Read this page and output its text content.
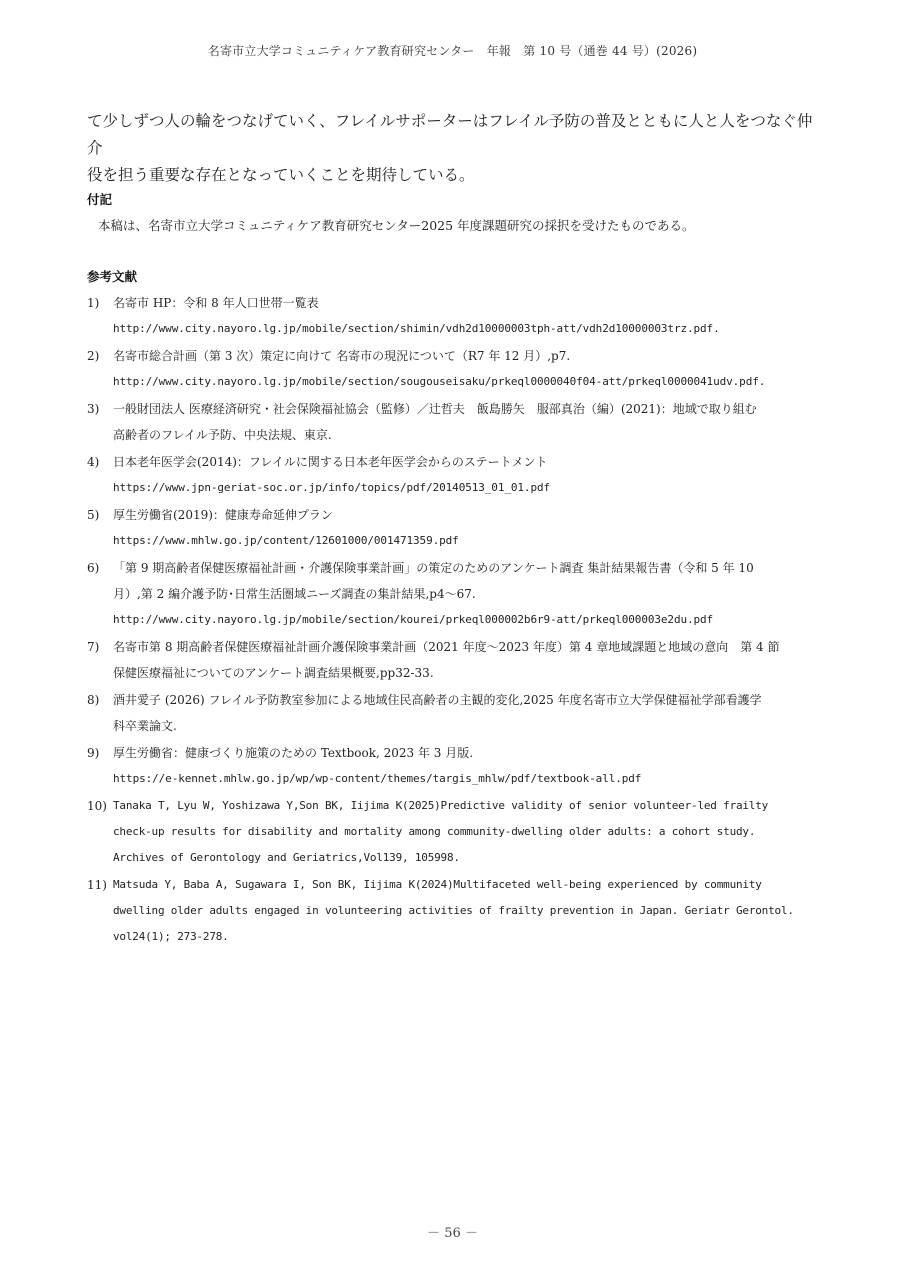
名寄市立大学コミュニティケア教育研究センター　年報　第 10 号（通巻 44 号）(2026)
て少しずつ人の輪をつなげていく、フレイルサポーターはフレイル予防の普及とともに人と人をつなぐ仲介
役を担う重要な存在となっていくことを期待している。
付記
本稿は、名寄市立大学コミュニティケア教育研究センター2025 年度課題研究の採択を受けたものである。
参考文献
1)	名寄市 HP：令和 8 年人口世帯一覧表
http://www.city.nayoro.lg.jp/mobile/section/shimin/vdh2d10000003tph-att/vdh2d10000003trz.pdf.
2)	名寄市総合計画（第 3 次）策定に向けて 名寄市の現況について（R7 年 12 月）,p7.
http://www.city.nayoro.lg.jp/mobile/section/sougouseisaku/prkeql0000040f04-att/prkeql0000041udv.pdf.
3)	一般財団法人 医療経済研究・社会保険福祉協会（監修）／辻哲夫　飯島勝矢　服部真治（編）(2021)：地域で取り組む
高齢者のフレイル予防、中央法規、東京.
4)	日本老年医学会(2014)：フレイルに関する日本老年医学会からのステートメント
https://www.jpn-geriat-soc.or.jp/info/topics/pdf/20140513_01_01.pdf
5)	厚生労働省(2019)：健康寿命延伸プラン
https://www.mhlw.go.jp/content/12601000/001471359.pdf
6)	「第 9 期高齢者保健医療福祉計画・介護保険事業計画」の策定のためのアンケート調査 集計結果報告書（令和 5 年 10
月）,第 2 編介護予防･日常生活圏域ニーズ調査の集計結果,p4～67.
http://www.city.nayoro.lg.jp/mobile/section/kourei/prkeql000002b6r9-att/prkeql000003e2du.pdf
7)	名寄市第 8 期高齢者保健医療福祉計画介護保険事業計画（2021 年度～2023 年度）第 4 章地域課題と地域の意向　第 4 節
保健医療福祉についてのアンケート調査結果概要,pp32-33.
8)	酒井愛子 (2026) フレイル予防教室参加による地域住民高齢者の主観的変化,2025 年度名寄市立大学保健福祉学部看護学
科卒業論文.
9)	厚生労働省：健康づくり施策のための Textbook, 2023 年 3 月版.
https://e-kennet.mhlw.go.jp/wp/wp-content/themes/targis_mhlw/pdf/textbook-all.pdf
10) Tanaka T, Lyu W, Yoshizawa Y,Son BK, Iijima K(2025)Predictive validity of senior volunteer-led frailty
check-up results for disability and mortality among community-dwelling older adults: a cohort study.
Archives of Gerontology and Geriatrics,Vol139, 105998.
11) Matsuda Y, Baba A, Sugawara I, Son BK, Iijima K(2024)Multifaceted well-being experienced by community
dwelling older adults engaged in volunteering activities of frailty prevention in Japan. Geriatr Gerontol.
vol24(1); 273-278.
－ 56 －
